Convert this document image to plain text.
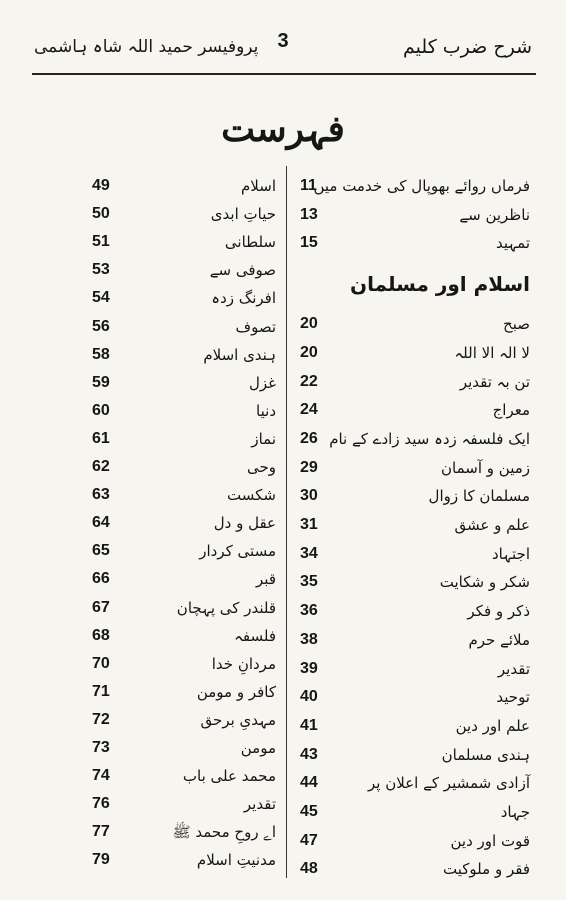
پروفیسر حمید اللہ شاہ ہاشمی 3	شرح ضرب کلیم
فہرست
فرماں روائے بھوپال کی خدمت میں
11
ناظرین سے
13
تمہید
15
اسلام اور مسلمان
صبح
20
لا الہ الا اللہ
20
تن بہ تقدیر
22
معراج
24
ایک فلسفہ زدہ سید زادے کے نام
26
زمین و آسمان
29
مسلمان کا زوال
30
علم و عشق
31
اجتہاد
34
شکر و شکایت
35
ذکر و فکر
36
ملائے حرم
38
تقدیر
39
توحید
40
علم اور دین
41
ہندی مسلمان
43
آزادی شمشیر کے اعلان پر
44
جہاد
45
قوت اور دین
47
فقر و ملوکیت
48
اسلام
49
حیاتِ ابدی
50
سلطانی
51
صوفی سے
53
افرنگ زدہ
54
تصوف
56
ہندی اسلام
58
غزل
59
دنیا
60
نماز
61
وحی
62
شکست
63
عقل و دل
64
مستی کردار
65
قبر
66
قلندر کی پہچان
67
فلسفہ
68
مردانِ خدا
70
کافر و مومن
71
مہدیِ برحق
72
مومن
73
محمد علی باب
74
تقدیر
76
اے روحِ محمد ﷺ
77
مدنیتِ اسلام
79
